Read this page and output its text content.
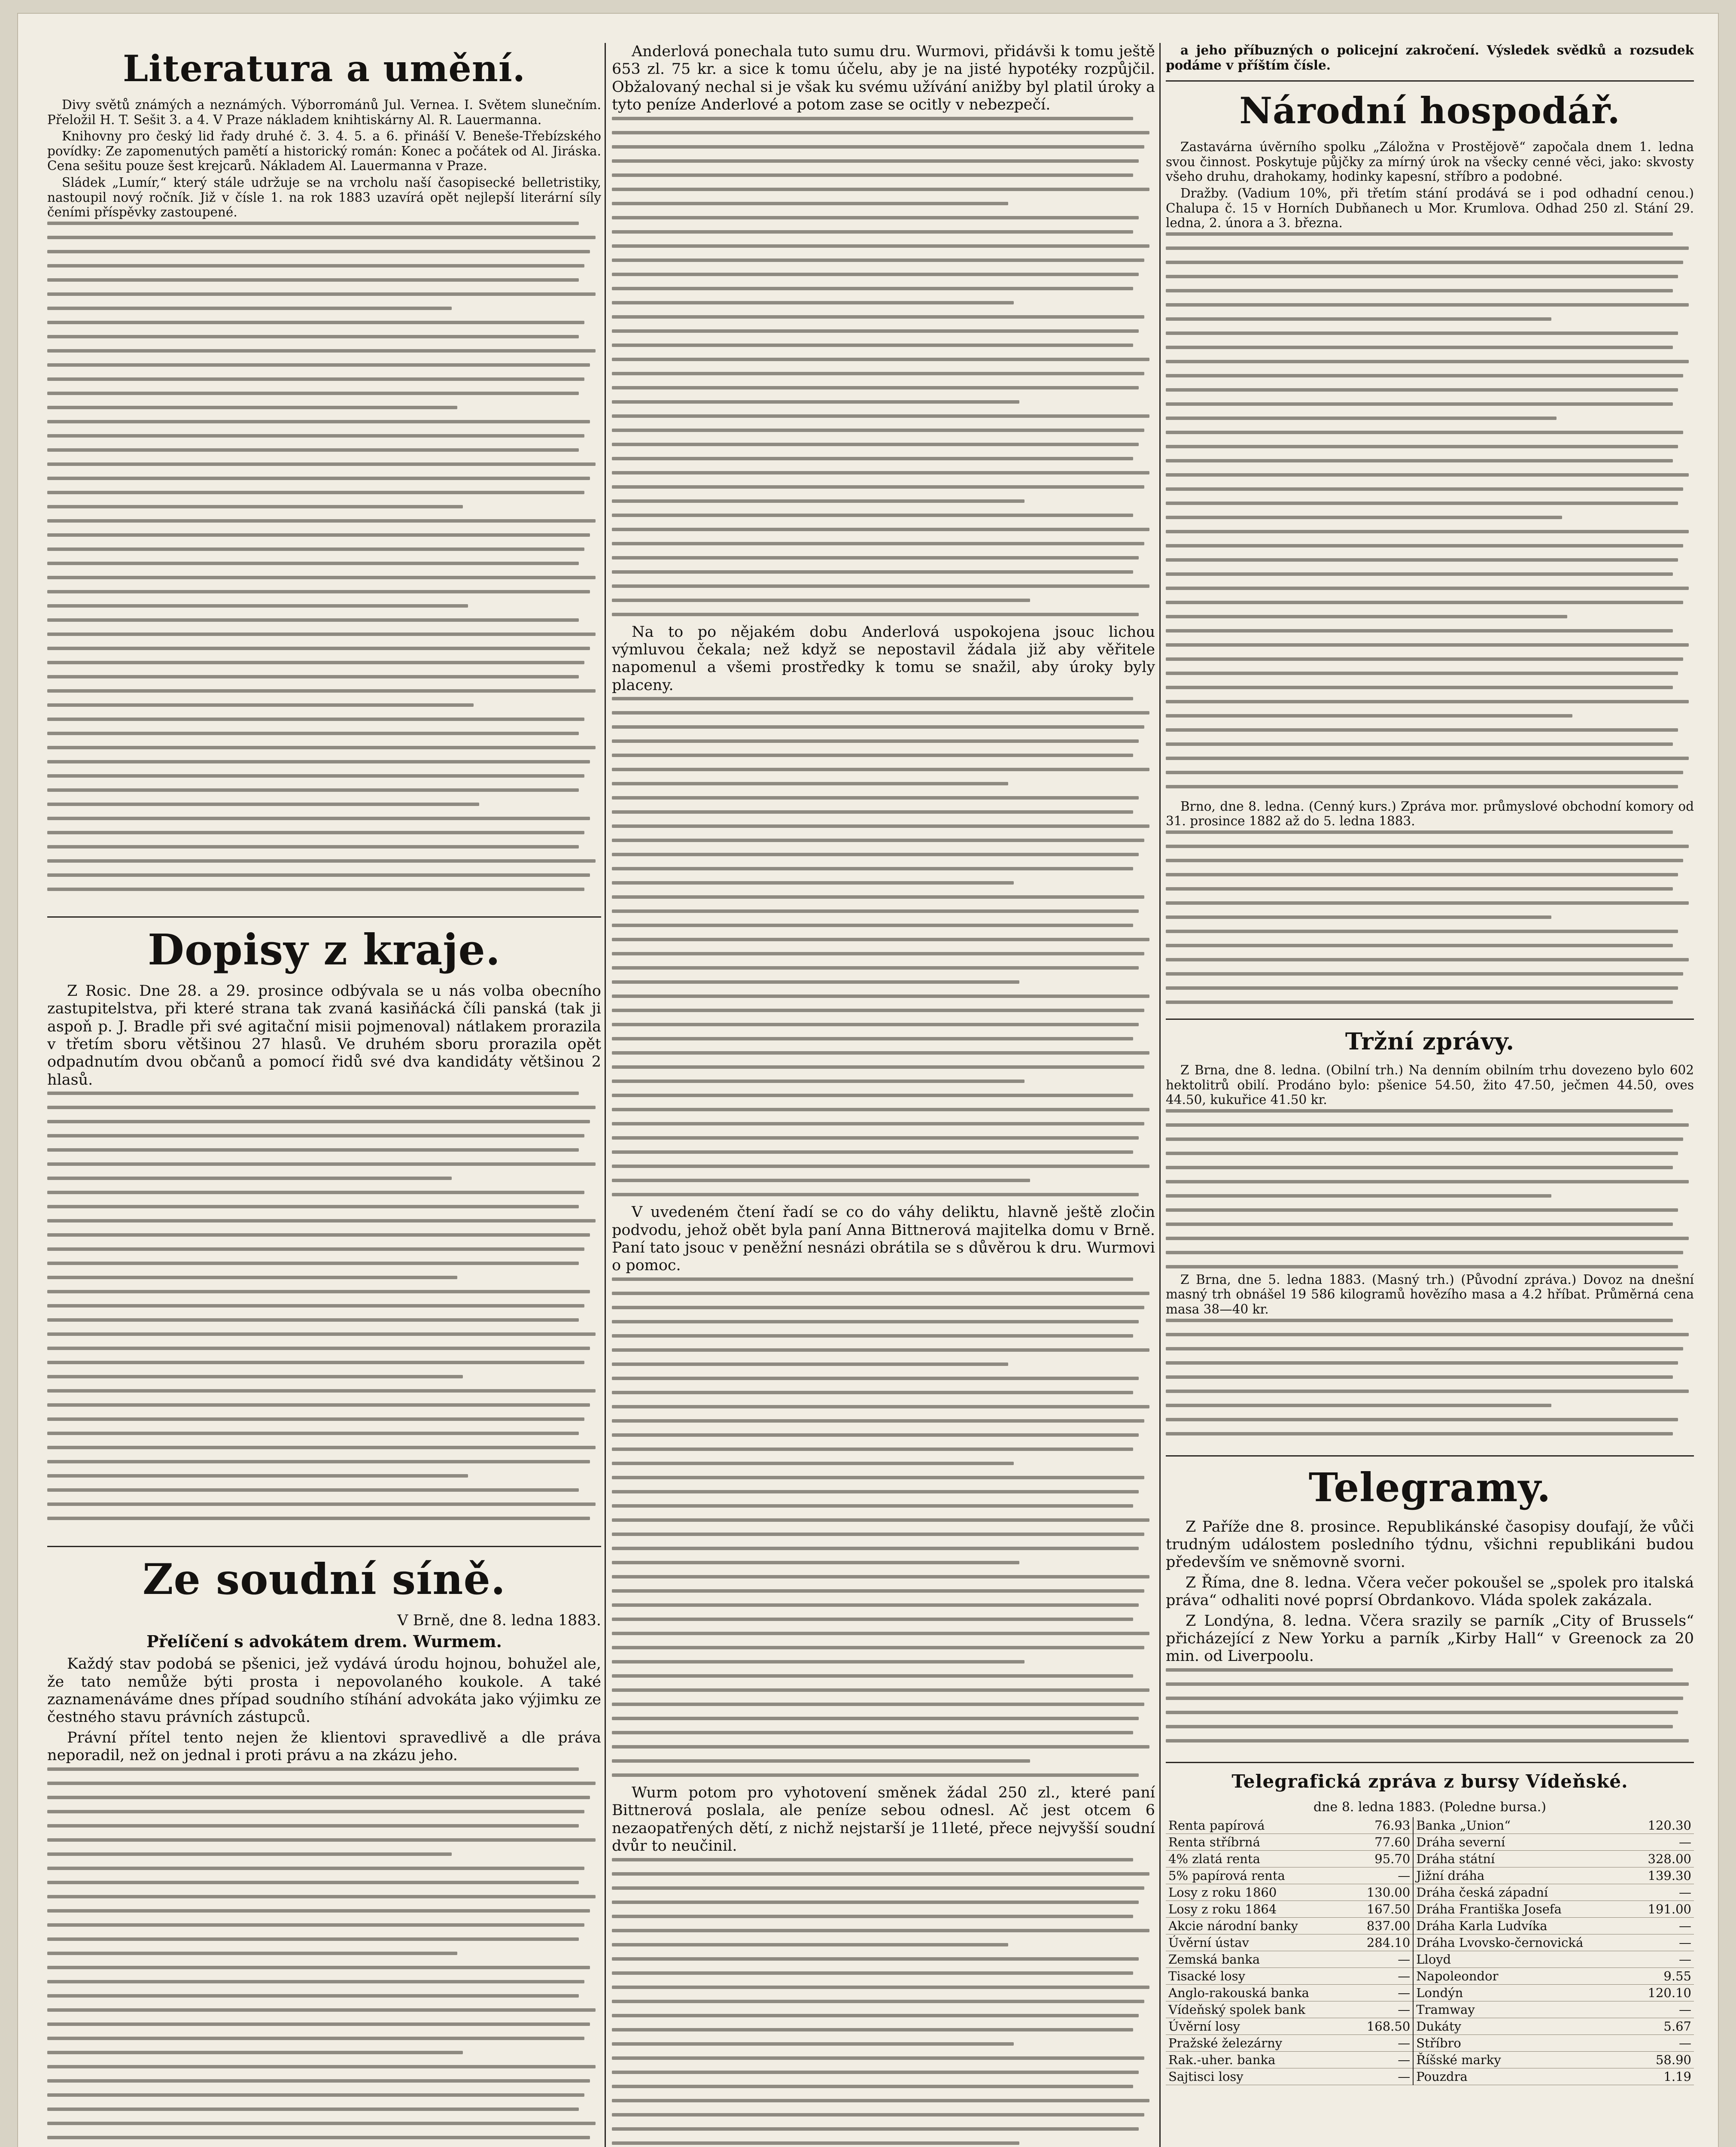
Literatura a umění.

Divy světů známých a neznámých. Výborrománů Jul. Vernea. I. Světem slunečním. Přeložil H. T. Sešit 3. a 4. V Praze nákladem knihtiskárny Al. R. Lauermanna.

Knihovny pro český lid řady druhé č. 3. 4. 5. a 6. přináší V. Beneše-Třebízského povídky: Ze zapomenutých pamětí a historický román: Konec a počátek od Al. Jiráska. Cena sešitu pouze šest krejcarů. Nákladem Al. Lauermanna v Praze.

Sládek „Lumír,“ který stále udržuje se na vrcholu naší časopisecké belletristiky, nastoupil nový ročník. Již v čísle 1. na rok 1883 uzavírá opět nejlepší literární síly čeními příspěvky zastoupené.

Dopisy z kraje.

Z Rosic. Dne 28. a 29. prosince odbývala se u nás volba obecního zastupitelstva, při které strana tak zvaná kasiňácká číli panská (tak ji aspoň p. J. Bradle při své agitační misii pojmenoval) nátlakem prorazila v třetím sboru většinou 27 hlasů. Ve druhém sboru prorazila opět odpadnutím dvou občanů a pomocí řidů své dva kandidáty většinou 2 hlasů.

Ze soudní síně.
V Brně, dne 8. ledna 1883.
Přelíčení s advokátem drem. Wurmem.

Každý stav podobá se pšenici, jež vydává úrodu hojnou, bohužel ale, že tato nemůže býti prosta i nepovolaného koukole. A také zaznamenáváme dnes případ soudního stíhání advokáta jako výjimku ze čestného stavu právních zástupců.

Právní přítel tento nejen že klientovi spravedlivě a dle práva neporadil, než on jednal i proti právu a na zkázu jeho.

Anderlová ponechala tuto sumu dru. Wurmovi, přidávši k tomu ještě 653 zl. 75 kr. a sice k tomu účelu, aby je na jisté hypotéky rozpůjčil. Obžalovaný nechal si je však ku svému užívání anižby byl platil úroky a tyto peníze Anderlové a potom zase se ocitly v nebezpečí.

Na to po nějakém dobu Anderlová uspokojena jsouc lichou výmluvou čekala; než když se nepostavil žádala již aby věřitele napomenul a všemi prostředky k tomu se snažil, aby úroky byly placeny.

V uvedeném čtení řadí se co do váhy deliktu, hlavně ještě zločin podvodu, jehož obět byla paní Anna Bittnerová majitelka domu v Brně. Paní tato jsouc v peněžní nesnázi obrátila se s důvěrou k dru. Wurmovi o pomoc.

Wurm potom pro vyhotovení směnek žádal 250 zl., které paní Bittnerová poslala, ale peníze sebou odnesl. Ač jest otcem 6 nezaopatřených dětí, z nichž nejstarší je 11leté, přece nejvyšší soudní dvůr to neučinil.

a jeho příbuzných o policejní zakročení. Výsledek svědků a rozsudek podáme v příštím čísle.

Národní hospodář.

Zastavárna úvěrního spolku „Záložna v Prostějově“ započala dnem 1. ledna svou činnost. Poskytuje půjčky za mírný úrok na všecky cenné věci, jako: skvosty všeho druhu, drahokamy, hodinky kapesní, stříbro a podobné.

Dražby. (Vadium 10%, při třetím stání prodává se i pod odhadní cenou.) Chalupa č. 15 v Horních Dubňanech u Mor. Krumlova. Odhad 250 zl. Stání 29. ledna, 2. února a 3. března.

Brno, dne 8. ledna. (Cenný kurs.) Zpráva mor. průmyslové obchodní komory od 31. prosince 1882 až do 5. ledna 1883.

Tržní zprávy.

Z Brna, dne 8. ledna. (Obilní trh.) Na denním obilním trhu dovezeno bylo 602 hektolitrů obilí. Prodáno bylo: pšenice 54.50, žito 47.50, ječmen 44.50, oves 44.50, kukuřice 41.50 kr.

Z Brna, dne 5. ledna 1883. (Masný trh.) (Původní zpráva.) Dovoz na dnešní masný trh obnášel 19 586 kilogramů hovězího masa a 4.2 hříbat. Průměrná cena masa 38—40 kr.

Telegramy.

Z Paříže dne 8. prosince. Republikánské časopisy doufají, že vůči trudným událostem posledního týdnu, všichni republikáni budou především ve sněmovně svorni.

Z Říma, dne 8. ledna. Včera večer pokoušel se „spolek pro italská práva“ odhaliti nové poprsí Obrdankovo. Vláda spolek zakázala.

Z Londýna, 8. ledna. Včera srazily se parník „City of Brussels“ přicházející z New Yorku a parník „Kirby Hall“ v Greenock za 20 min. od Liverpoolu.

Telegrafická zpráva z bursy Vídeňské.
dne 8. ledna 1883. (Poledne bursa.)
Renta papírová	76.93	Banka „Union“	120.30
Renta stříbrná	77.60	Dráha severní	—
4% zlatá renta	95.70	Dráha státní	328.00
5% papírová renta	—	Jižní dráha	139.30
Losy z roku 1860	130.00	Dráha česká západní	—
Losy z roku 1864	167.50	Dráha Františka Josefa	191.00
Akcie národní banky	837.00	Dráha Karla Ludvíka	—
Úvěrní ústav	284.10	Dráha Lvovsko-černovická	—
Zemská banka	—	Lloyd	—
Tisacké losy	—	Napoleondor	9.55
Anglo-rakouská banka	—	Londýn	120.10
Vídeňský spolek bank	—	Tramway	—
Úvěrní losy	168.50	Dukáty	5.67
Pražské železárny	—	Stříbro	—
Rak.-uher. banka	—	Říšské marky	58.90
Sajtisci losy	—	Pouzdra	1.19
